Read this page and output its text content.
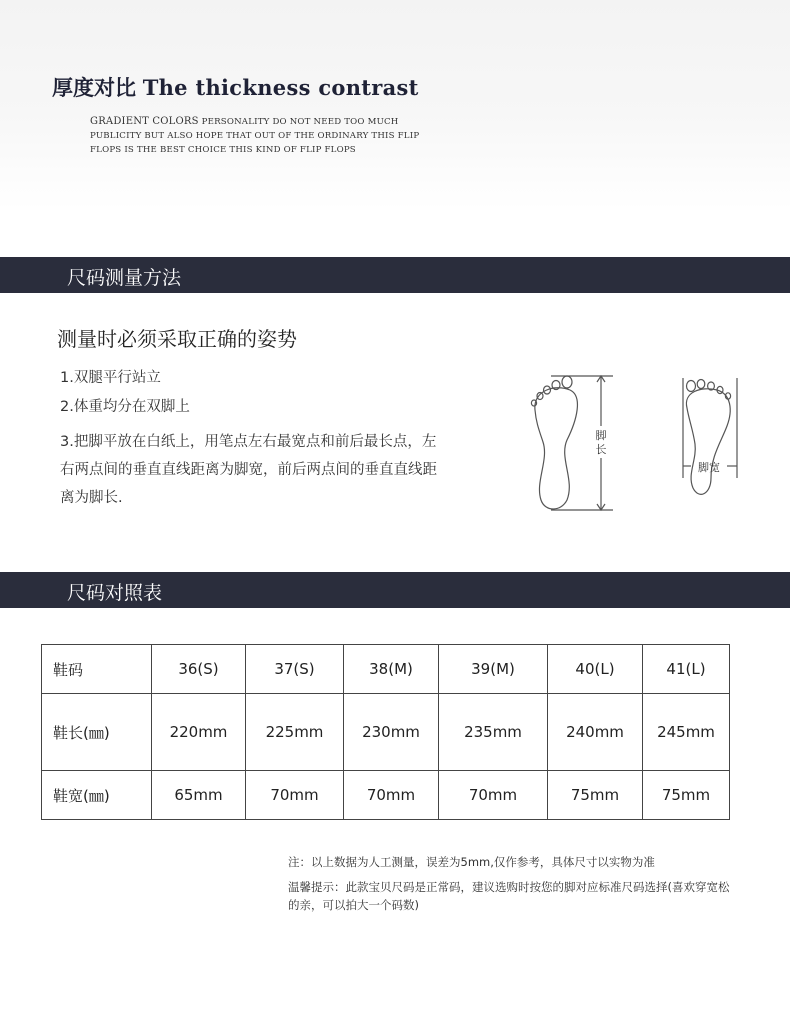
厚度对比 The thickness contrast
GRADIENT COLORS PERSONALITY DO NOT NEED TOO MUCH PUBLICITY BUT ALSO HOPE THAT OUT OF THE ORDINARY THIS FLIP FLOPS IS THE BEST CHOICE THIS KIND OF FLIP FLOPS
尺码测量方法
测量时必须采取正确的姿势
1.双腿平行站立
2.体重均分在双脚上
3.把脚平放在白纸上，用笔点左右最宽点和前后最长点，左右两点间的垂直直线距离为脚宽，前后两点间的垂直直线距离为脚长.
脚
长
脚宽
尺码对照表
鞋码	36(S)	37(S)	38(M)	39(M)	40(L)	41(L)
鞋长(㎜)	220mm	225mm	230mm	235mm	240mm	245mm
鞋宽(㎜)	65mm	70mm	70mm	70mm	75mm	75mm
注：以上数据为人工测量，误差为5mm,仅作参考，具体尺寸以实物为准
温馨提示：此款宝贝尺码是正常码，建议选购时按您的脚对应标准尺码选择(喜欢穿宽松的亲，可以拍大一个码数)
